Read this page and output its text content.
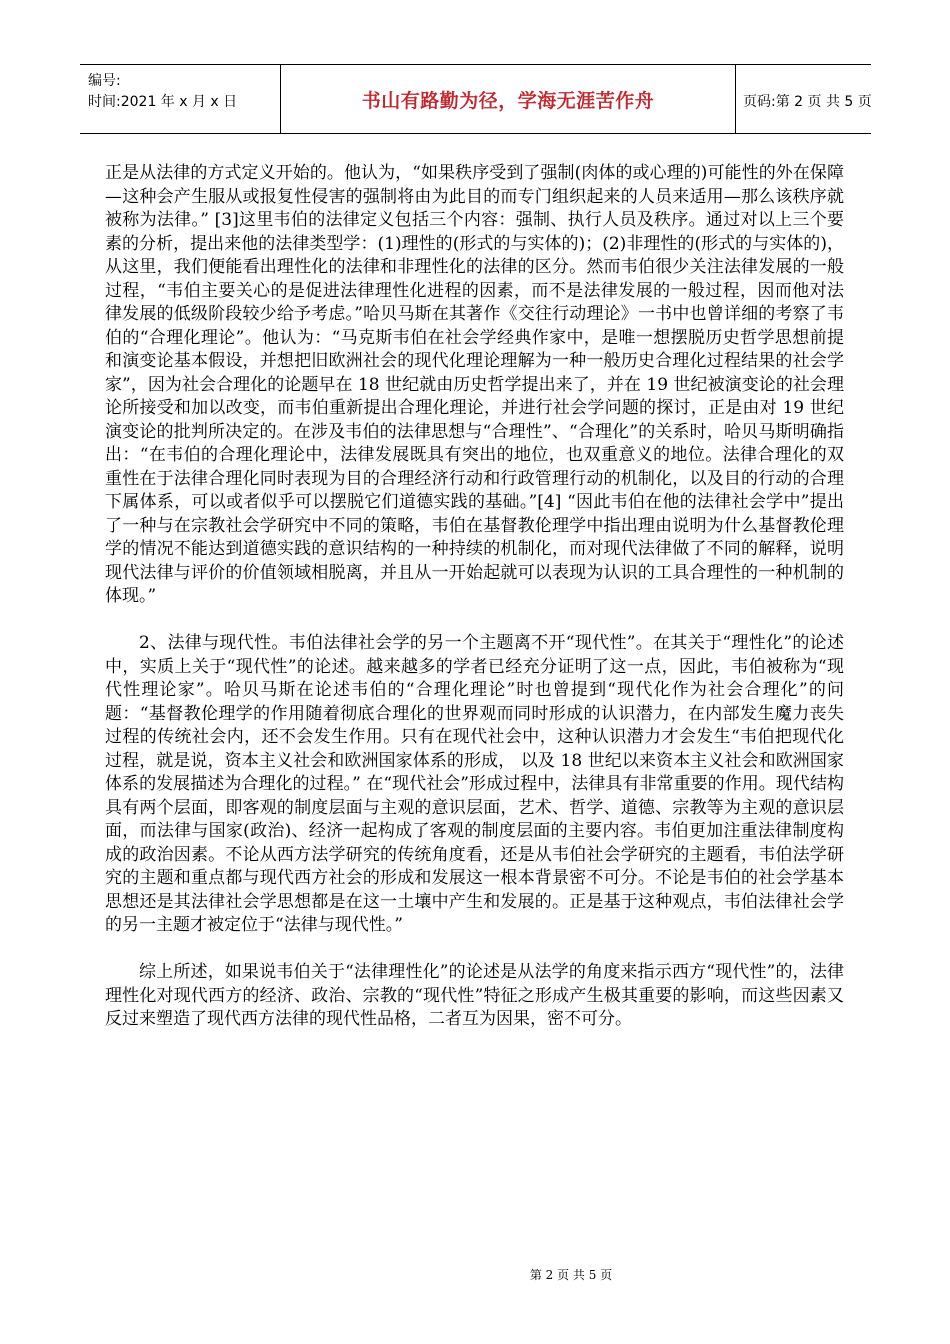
编号:
时间:2021 年 x 月 x 日	书山有路勤为径，学海无涯苦作舟	页码:第 2 页 共 5 页

正是从法律的方式定义开始的。他认为，“如果秩序受到了强制(肉体的或心理的)可能性的外在保障—这种会产生服从或报复性侵害的强制将由为此目的而专门组织起来的人员来适用—那么该秩序就被称为法律。” [3]这里韦伯的法律定义包括三个内容：强制、执行人员及秩序。通过对以上三个要素的分析，提出来他的法律类型学：(1)理性的(形式的与实体的)；(2)非理性的(形式的与实体的)，从这里，我们便能看出理性化的法律和非理性化的法律的区分。然而韦伯很少关注法律发展的一般过程，“韦伯主要关心的是促进法律理性化进程的因素，而不是法律发展的一般过程，因而他对法律发展的低级阶段较少给予考虑。”哈贝马斯在其著作《交往行动理论》一书中也曾详细的考察了韦伯的“合理化理论”。他认为：“马克斯韦伯在社会学经典作家中，是唯一想摆脱历史哲学思想前提和演变论基本假设，并想把旧欧洲社会的现代化理论理解为一种一般历史合理化过程结果的社会学家”，因为社会合理化的论题早在 18 世纪就由历史哲学提出来了，并在 19 世纪被演变论的社会理论所接受和加以改变，而韦伯重新提出合理化理论，并进行社会学问题的探讨，正是由对 19 世纪演变论的批判所决定的。在涉及韦伯的法律思想与“合理性”、“合理化”的关系时，哈贝马斯明确指出：“在韦伯的合理化理论中，法律发展既具有突出的地位，也双重意义的地位。法律合理化的双重性在于法律合理化同时表现为目的合理经济行动和行政管理行动的机制化，以及目的行动的合理下属体系，可以或者似乎可以摆脱它们道德实践的基础。”[4] “因此韦伯在他的法律社会学中”提出了一种与在宗教社会学研究中不同的策略，韦伯在基督教伦理学中指出理由说明为什么基督教伦理学的情况不能达到道德实践的意识结构的一种持续的机制化，而对现代法律做了不同的解释，说明现代法律与评价的价值领域相脱离，并且从一开始起就可以表现为认识的工具合理性的一种机制的体现。”

2、法律与现代性。韦伯法律社会学的另一个主题离不开“现代性”。在其关于“理性化”的论述中，实质上关于“现代性”的论述。越来越多的学者已经充分证明了这一点，因此，韦伯被称为“现代性理论家”。哈贝马斯在论述韦伯的“合理化理论”时也曾提到“现代化作为社会合理化”的问题：“基督教伦理学的作用随着彻底合理化的世界观而同时形成的认识潜力，在内部发生魔力丧失过程的传统社会内，还不会发生作用。只有在现代社会中，这种认识潜力才会发生“韦伯把现代化过程，就是说，资本主义社会和欧洲国家体系的形成， 以及 18 世纪以来资本主义社会和欧洲国家体系的发展描述为合理化的过程。” 在“现代社会”形成过程中，法律具有非常重要的作用。现代结构具有两个层面，即客观的制度层面与主观的意识层面，艺术、哲学、道德、宗教等为主观的意识层面，而法律与国家(政治)、经济一起构成了客观的制度层面的主要内容。韦伯更加注重法律制度构成的政治因素。不论从西方法学研究的传统角度看，还是从韦伯社会学研究的主题看，韦伯法学研究的主题和重点都与现代西方社会的形成和发展这一根本背景密不可分。不论是韦伯的社会学基本思想还是其法律社会学思想都是在这一土壤中产生和发展的。正是基于这种观点，韦伯法律社会学的另一主题才被定位于“法律与现代性。”

综上所述，如果说韦伯关于“法律理性化”的论述是从法学的角度来指示西方“现代性”的，法律理性化对现代西方的经济、政治、宗教的“现代性”特征之形成产生极其重要的影响，而这些因素又反过来塑造了现代西方法律的现代性品格，二者互为因果，密不可分。

第 2 页 共 5 页
